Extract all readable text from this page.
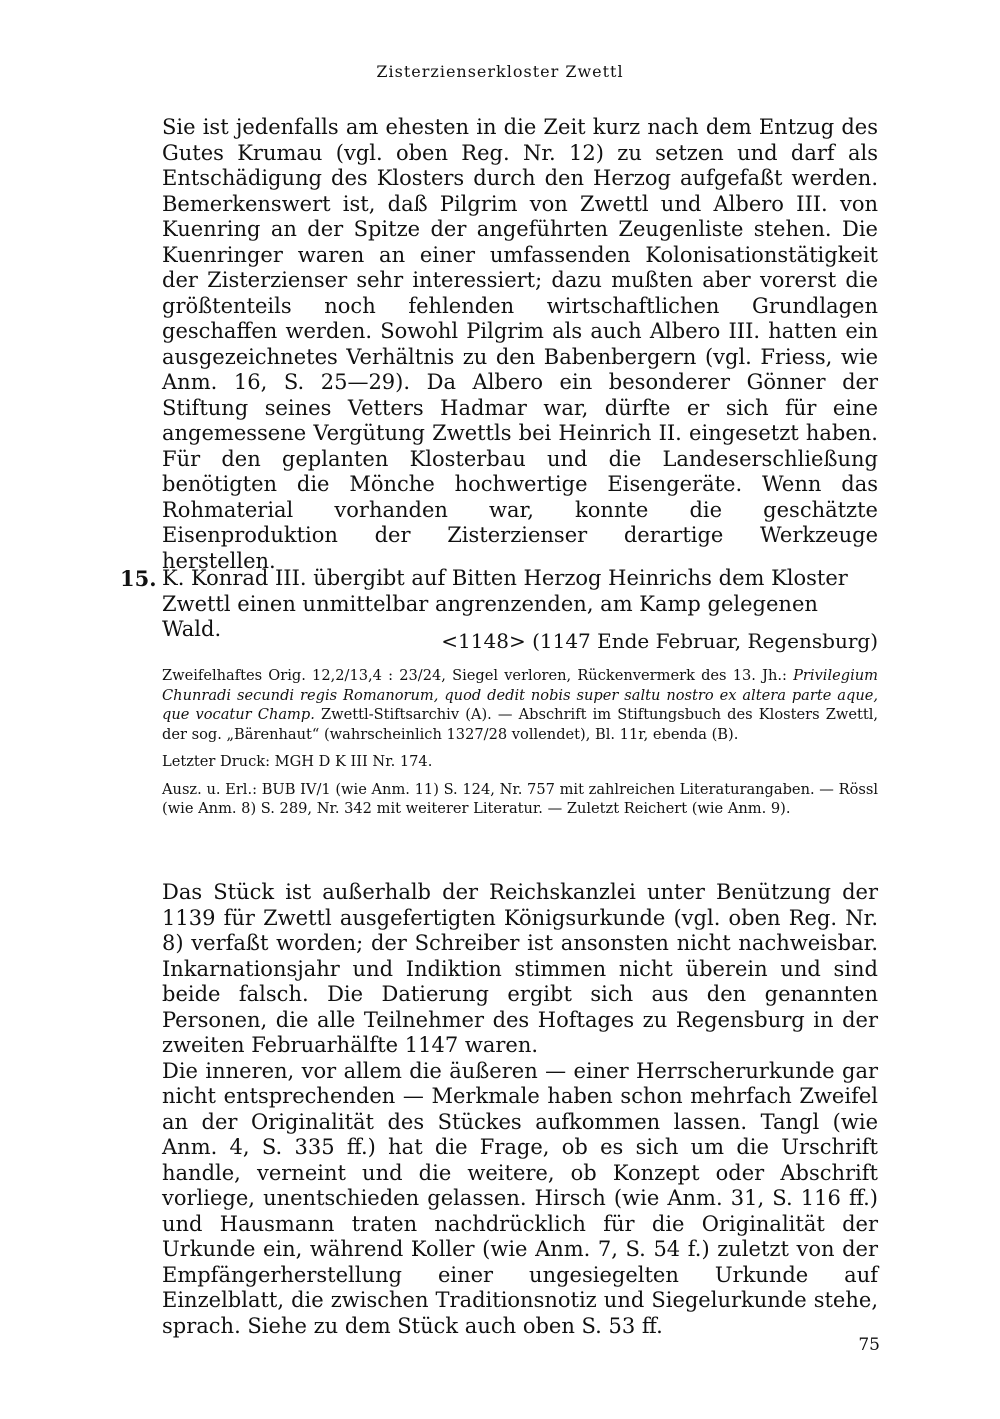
Zisterzienserkloster Zwettl

Sie ist jedenfalls am ehesten in die Zeit kurz nach dem Entzug des Gutes Krumau (vgl. oben Reg. Nr. 12) zu setzen und darf als Entschädigung des Klosters durch den Herzog aufgefaßt werden. Bemerkenswert ist, daß Pilgrim von Zwettl und Albero III. von Kuenring an der Spitze der angeführten Zeugenliste stehen. Die Kuenringer waren an einer umfassenden Kolonisationstätigkeit der Zisterzienser sehr interessiert; dazu mußten aber vorerst die größtenteils noch fehlenden wirtschaftlichen Grundlagen geschaffen werden. Sowohl Pilgrim als auch Albero III. hatten ein ausgezeichnetes Verhältnis zu den Babenbergern (vgl. Friess, wie Anm. 16, S. 25—29). Da Albero ein besonderer Gönner der Stiftung seines Vetters Hadmar war, dürfte er sich für eine angemessene Vergütung Zwettls bei Heinrich II. eingesetzt haben. Für den geplanten Klosterbau und die Landeserschließung benötigten die Mönche hochwertige Eisengeräte. Wenn das Rohmaterial vorhanden war, konnte die geschätzte Eisenproduktion der Zisterzienser derartige Werkzeuge herstellen.

15. K. Konrad III. übergibt auf Bitten Herzog Heinrichs dem Kloster Zwettl einen unmittelbar angrenzenden, am Kamp gelegenen Wald.	<1148> (1147 Ende Februar, Regensburg)

Zweifelhaftes Orig. 12,2/13,4 : 23/24, Siegel verloren, Rückenvermerk des 13. Jh.: Privilegium Chunradi secundi regis Romanorum, quod dedit nobis super saltu nostro ex altera parte aque, que vocatur Champ. Zwettl-Stiftsarchiv (A). — Abschrift im Stiftungsbuch des Klosters Zwettl, der sog. „Bärenhaut“ (wahrscheinlich 1327/28 vollendet), Bl. 11r, ebenda (B).

Letzter Druck: MGH D K III Nr. 174.

Ausz. u. Erl.: BUB IV/1 (wie Anm. 11) S. 124, Nr. 757 mit zahlreichen Literaturangaben. — Rössl (wie Anm. 8) S. 289, Nr. 342 mit weiterer Literatur. — Zuletzt Reichert (wie Anm. 9).

Das Stück ist außerhalb der Reichskanzlei unter Benützung der 1139 für Zwettl ausgefertigten Königsurkunde (vgl. oben Reg. Nr. 8) verfaßt worden; der Schreiber ist ansonsten nicht nachweisbar. Inkarnationsjahr und Indiktion stimmen nicht überein und sind beide falsch. Die Datierung ergibt sich aus den genannten Personen, die alle Teilnehmer des Hoftages zu Regensburg in der zweiten Februarhälfte 1147 waren.

Die inneren, vor allem die äußeren — einer Herrscherurkunde gar nicht entsprechenden — Merkmale haben schon mehrfach Zweifel an der Originalität des Stückes aufkommen lassen. Tangl (wie Anm. 4, S. 335 ff.) hat die Frage, ob es sich um die Urschrift handle, verneint und die weitere, ob Konzept oder Abschrift vorliege, unentschieden gelassen. Hirsch (wie Anm. 31, S. 116 ff.) und Hausmann traten nachdrücklich für die Originalität der Urkunde ein, während Koller (wie Anm. 7, S. 54 f.) zuletzt von der Empfängerherstellung einer ungesiegelten Urkunde auf Einzelblatt, die zwischen Traditionsnotiz und Siegelurkunde stehe, sprach. Siehe zu dem Stück auch oben S. 53 ff.

75
